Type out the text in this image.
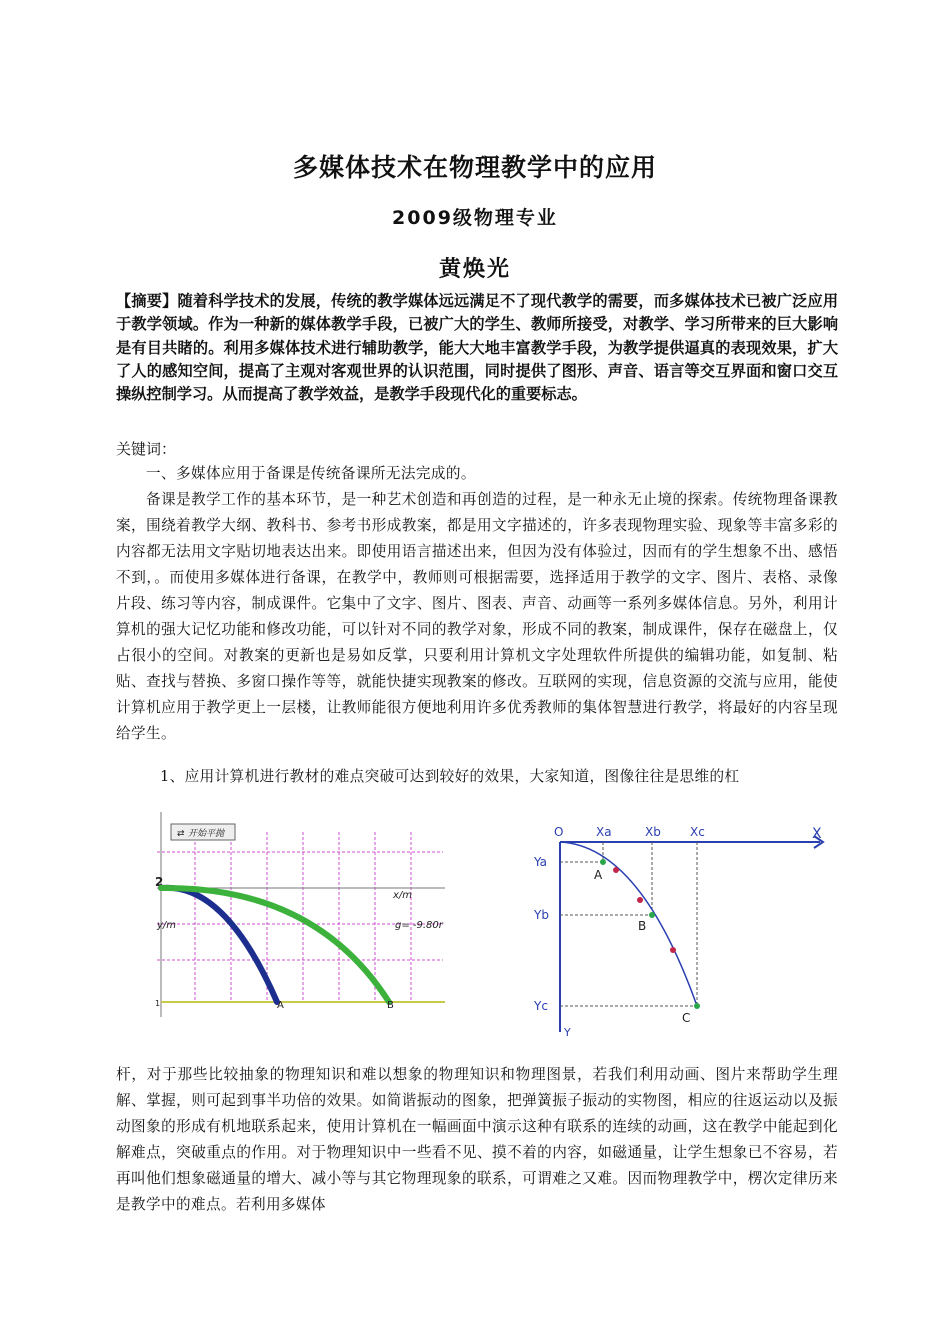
多媒体技术在物理教学中的应用
2009级物理专业
黄焕光
【摘要】随着科学技术的发展，传统的教学媒体远远满足不了现代教学的需要，而多媒体技术已被广泛应用于教学领域。作为一种新的媒体教学手段，已被广大的学生、教师所接受，对教学、学习所带来的巨大影响是有目共睹的。利用多媒体技术进行辅助教学，能大大地丰富教学手段，为教学提供逼真的表现效果，扩大了人的感知空间，提高了主观对客观世界的认识范围，同时提供了图形、声音、语言等交互界面和窗口交互操纵控制学习。从而提高了教学效益，是教学手段现代化的重要标志。
关键词：
一、多媒体应用于备课是传统备课所无法完成的。
备课是教学工作的基本环节，是一种艺术创造和再创造的过程，是一种永无止境的探索。传统物理备课教案，围绕着教学大纲、教科书、参考书形成教案，都是用文字描述的，许多表现物理实验、现象等丰富多彩的内容都无法用文字贴切地表达出来。即使用语言描述出来，但因为没有体验过，因而有的学生想象不出、感悟不到，。而使用多媒体进行备课，在教学中，教师则可根据需要，选择适用于教学的文字、图片、表格、录像片段、练习等内容，制成课件。它集中了文字、图片、图表、声音、动画等一系列多媒体信息。另外，利用计算机的强大记忆功能和修改功能，可以针对不同的教学对象，形成不同的教案，制成课件，保存在磁盘上，仅占很小的空间。对教案的更新也是易如反掌，只要利用计算机文字处理软件所提供的编辑功能，如复制、粘贴、查找与替换、多窗口操作等等，就能快捷实现教案的修改。互联网的实现，信息资源的交流与应用，能使计算机应用于教学更上一层楼，让教师能很方便地利用许多优秀教师的集体智慧进行教学，将最好的内容呈现给学生。
1、应用计算机进行教材的难点突破可达到较好的效果，大家知道，图像往往是思维的杠
⇄ 开始平抛
2
x/m
y/m	g= -9.80r
A	B
1
O	X
Y
Xa	Xb Xc
Ya
Yb
Yc
A
B
C
杆，对于那些比较抽象的物理知识和难以想象的物理知识和物理图景，若我们利用动画、图片来帮助学生理解、掌握，则可起到事半功倍的效果。如简谐振动的图象，把弹簧振子振动的实物图，相应的往返运动以及振动图象的形成有机地联系起来，使用计算机在一幅画面中演示这种有联系的连续的动画，这在教学中能起到化解难点，突破重点的作用。对于物理知识中一些看不见、摸不着的内容，如磁通量，让学生想象已不容易，若再叫他们想象磁通量的增大、减小等与其它物理现象的联系，可谓难之又难。因而物理教学中，楞次定律历来是教学中的难点。若利用多媒体
